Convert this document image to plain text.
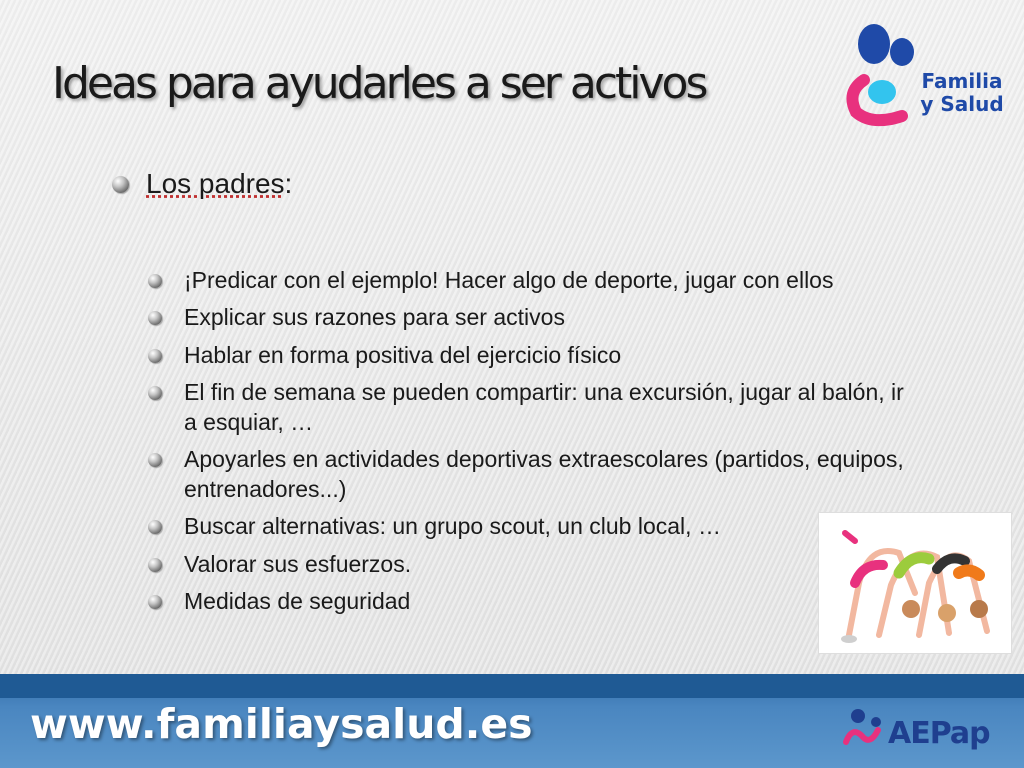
Ideas para ayudarles a ser activos	Familia
y Salud
Los padres:
¡Predicar con el ejemplo! Hacer algo de deporte, jugar con ellos
Explicar sus razones para ser activos
Hablar en forma positiva del ejercicio físico
El fin de semana se pueden compartir: una excursión, jugar al balón, ir a esquiar, …
Apoyarles en actividades deportivas extraescolares (partidos, equipos, entrenadores...)
Buscar alternativas: un grupo scout, un club local, …
Valorar sus esfuerzos.
Medidas de seguridad
www.familiaysalud.es	AEPap
